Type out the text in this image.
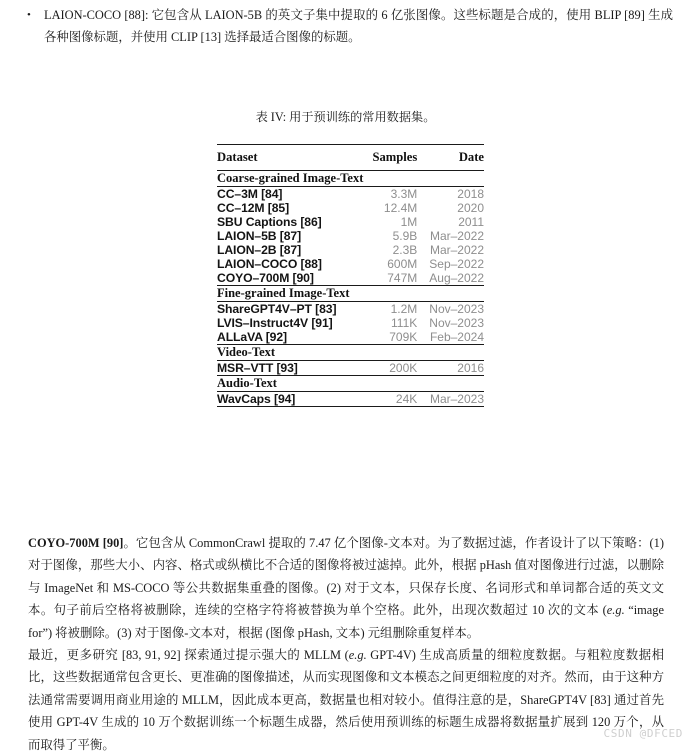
• LAION-COCO [88]: 它包含从 LAION-5B 的英文子集中提取的 6 亿张图像。这些标题是合成的，使用 BLIP [89] 生成各种图像标题，并使用 CLIP [13] 选择最适合图像的标题。
表 IV: 用于预训练的常用数据集。
Dataset	Samples	Date
Coarse-grained Image-Text		
CC–3M [84]	3.3M	2018
CC–12M [85]	12.4M	2020
SBU Captions [86]	1M	2011
LAION–5B [87]	5.9B	Mar–2022
LAION–2B [87]	2.3B	Mar–2022
LAION–COCO [88]	600M	Sep–2022
COYO–700M [90]	747M	Aug–2022
Fine-grained Image-Text		
ShareGPT4V–PT [83]	1.2M	Nov–2023
LVIS–Instruct4V [91]	111K	Nov–2023
ALLaVA [92]	709K	Feb–2024
Video-Text		
MSR–VTT [93]	200K	2016
Audio-Text		
WavCaps [94]	24K	Mar–2023

COYO-700M [90]。它包含从 CommonCrawl 提取的 7.47 亿个图像-文本对。为了数据过滤，作者设计了以下策略：(1) 对于图像，那些大小、内容、格式或纵横比不合适的图像将被过滤掉。此外，根据 pHash 值对图像进行过滤，以删除与 ImageNet 和 MS-COCO 等公共数据集重叠的图像。(2) 对于文本，只保存长度、名词形式和单词都合适的英文文本。句子前后空格将被删除，连续的空格字符将被替换为单个空格。此外，出现次数超过 10 次的文本 (e.g. “image for”) 将被删除。(3) 对于图像-文本对，根据 (图像 pHash, 文本) 元组删除重复样本。

最近，更多研究 [83, 91, 92] 探索通过提示强大的 MLLM (e.g. GPT-4V) 生成高质量的细粒度数据。与粗粒度数据相比，这些数据通常包含更长、更准确的图像描述，从而实现图像和文本模态之间更细粒度的对齐。然而，由于这种方法通常需要调用商业用途的 MLLM，因此成本更高，数据量也相对较小。值得注意的是，ShareGPT4V [83] 通过首先使用 GPT-4V 生成的 10 万个数据训练一个标题生成器，然后使用预训练的标题生成器将数据量扩展到 120 万个，从而取得了平衡。

CSDN @DFCED
